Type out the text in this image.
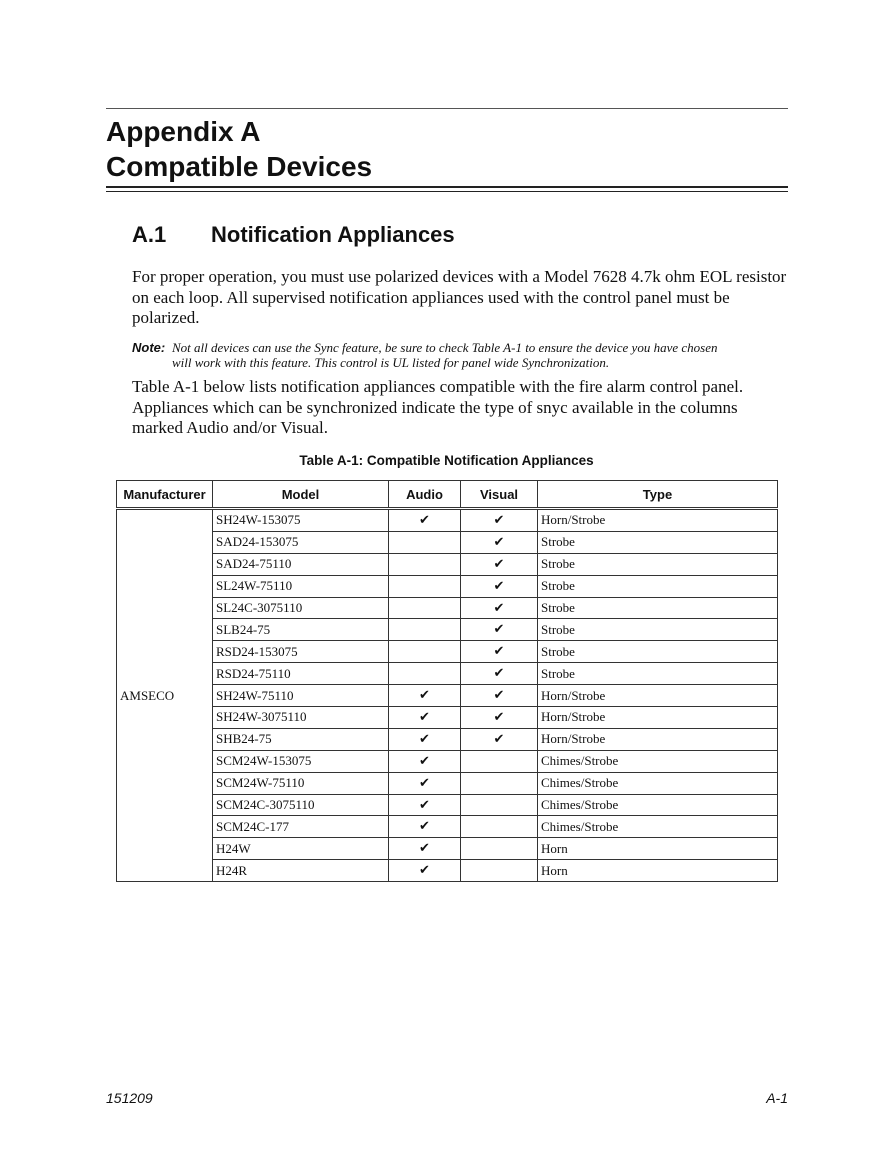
Appendix A
Compatible Devices
A.1 Notification Appliances

For proper operation, you must use polarized devices with a Model 7628 4.7k ohm EOL resistor on each loop. All supervised notification appliances used with the control panel must be polarized.

Note: Not all devices can use the Sync feature, be sure to check Table A-1 to ensure the device you have chosen
will work with this feature. This control is UL listed for panel wide Synchronization.

Table A-1 below lists notification appliances compatible with the fire alarm control panel. Appliances which can be synchronized indicate the type of snyc available in the columns marked Audio and/or Visual.

Table A-1: Compatible Notification Appliances

Manufacturer	Model	Audio	Visual	Type
AMSECO	SH24W-153075	✔	✔	Horn/Strobe
	SAD24-153075		✔	Strobe
	SAD24-75110		✔	Strobe
	SL24W-75110		✔	Strobe
	SL24C-3075110		✔	Strobe
	SLB24-75		✔	Strobe
	RSD24-153075		✔	Strobe
	RSD24-75110		✔	Strobe
	SH24W-75110	✔	✔	Horn/Strobe
	SH24W-3075110	✔	✔	Horn/Strobe
	SHB24-75	✔	✔	Horn/Strobe
	SCM24W-153075	✔		Chimes/Strobe
	SCM24W-75110	✔		Chimes/Strobe
	SCM24C-3075110	✔		Chimes/Strobe
	SCM24C-177	✔		Chimes/Strobe
	H24W	✔		Horn
	H24R	✔		Horn

151209	A-1
